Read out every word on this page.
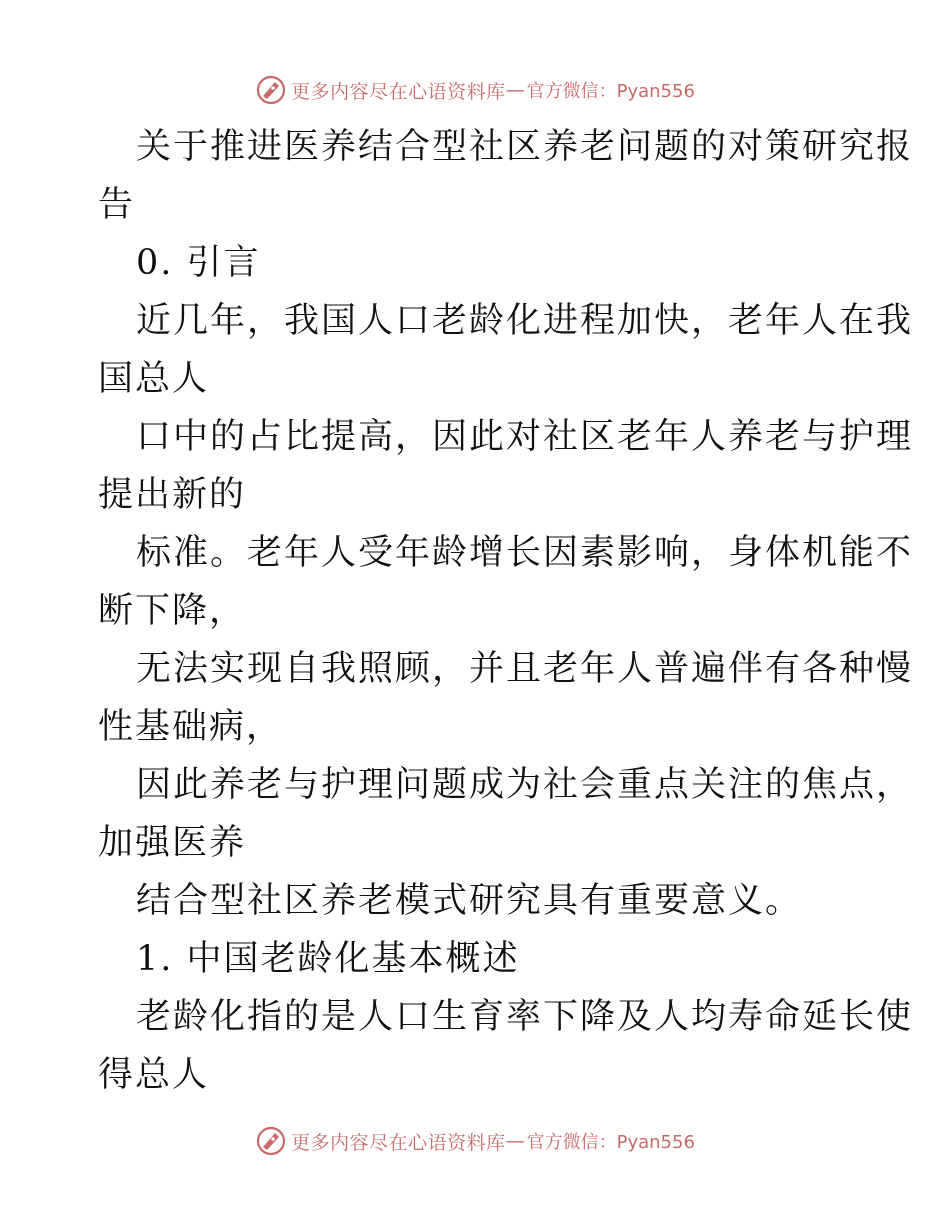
更多内容尽在心语资料库 — 官方微信：Pyan556
关于推进医养结合型社区养老问题的对策研究报
告
0. 引言
近几年，我国人口老龄化进程加快，老年人在我
国总人
口中的占比提高，因此对社区老年人养老与护理
提出新的
标准。老年人受年龄增长因素影响，身体机能不
断下降，
无法实现自我照顾，并且老年人普遍伴有各种慢
性基础病，
因此养老与护理问题成为社会重点关注的焦点，
加强医养
结合型社区养老模式研究具有重要意义。
1. 中国老龄化基本概述
老龄化指的是人口生育率下降及人均寿命延长使
得总人
更多内容尽在心语资料库 — 官方微信：Pyan556
